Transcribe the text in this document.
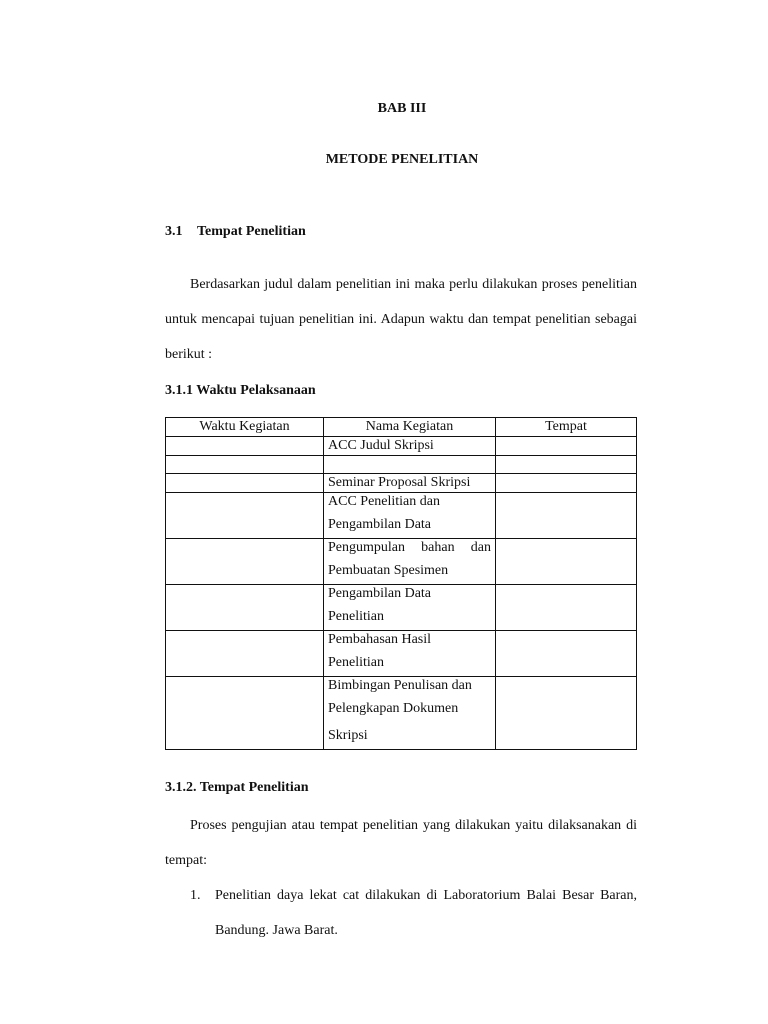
BAB III
METODE PENELITIAN
3.1 Tempat Penelitian
Berdasarkan judul dalam penelitian ini maka perlu dilakukan proses penelitian untuk mencapai tujuan penelitian ini. Adapun waktu dan tempat penelitian sebagai berikut :
3.1.1 Waktu Pelaksanaan
Waktu Kegiatan	Nama Kegiatan	Tempat

	ACC Judul Skripsi	

	Seminar Proposal Skripsi	

	ACC Penelitian dan
Pengambilan Data	

	Pengumpulan bahan dan
Pembuatan Spesimen	

	Pengambilan Data
Penelitian	

	Pembahasan Hasil
Penelitian	

	Bimbingan Penulisan dan
Pelengkapan Dokumen
Skripsi	

3.1.2. Tempat Penelitian
Proses pengujian atau tempat penelitian yang dilakukan yaitu dilaksanakan di tempat:
1. Penelitian daya lekat cat dilakukan di Laboratorium Balai Besar Baran, Bandung. Jawa Barat.
